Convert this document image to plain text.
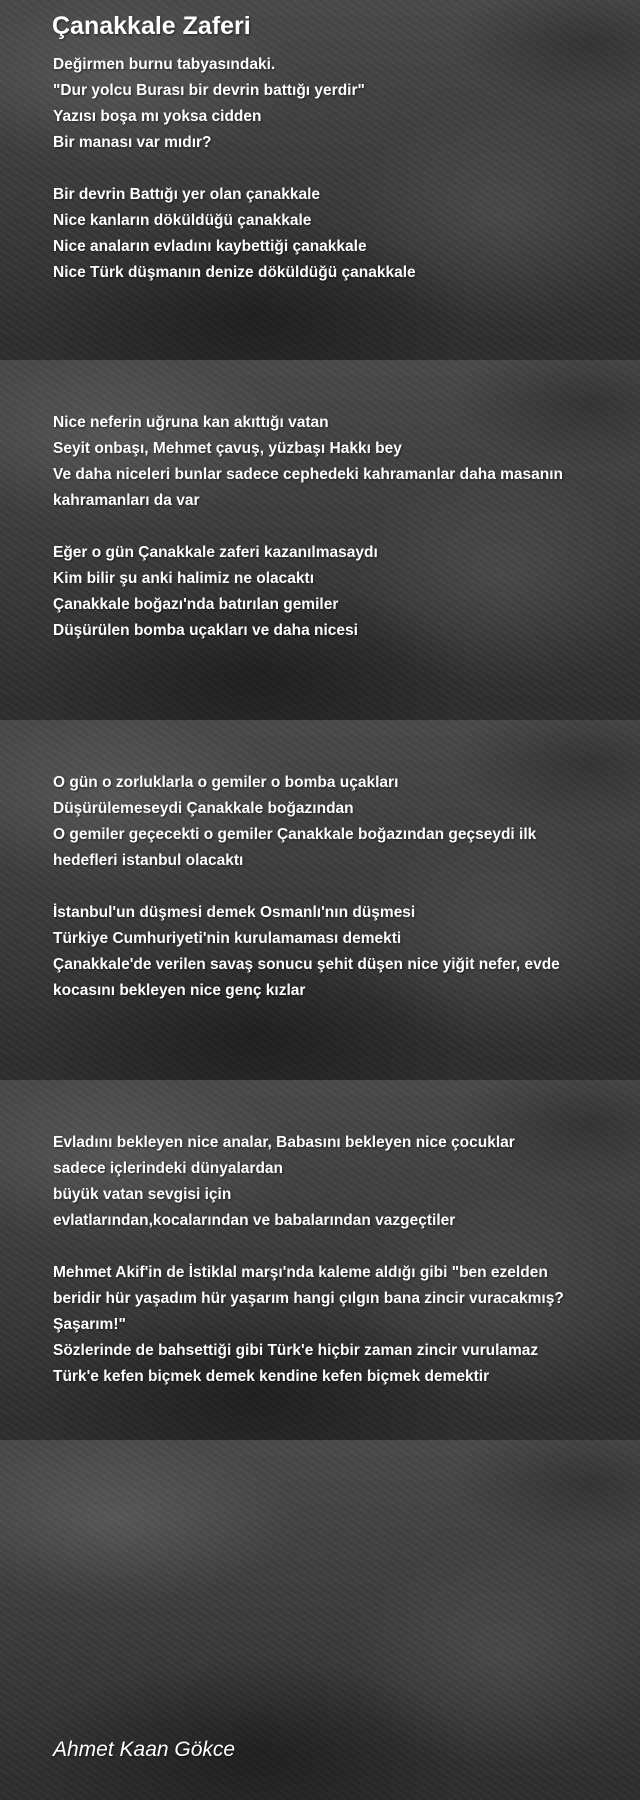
Çanakkale Zaferi
Değirmen burnu tabyasındaki.
"Dur yolcu Burası bir devrin battığı yerdir"
Yazısı boşa mı yoksa cidden
Bir manası var mıdır?
Bir devrin Battığı yer olan çanakkale
Nice kanların döküldüğü çanakkale
Nice anaların evladını kaybettiği çanakkale
Nice Türk düşmanın denize döküldüğü çanakkale
Nice neferin uğruna kan akıttığı vatan
Seyit onbaşı, Mehmet çavuş, yüzbaşı Hakkı bey
Ve daha niceleri bunlar sadece cephedeki kahramanlar daha masanın kahramanları da var
Eğer o gün Çanakkale zaferi kazanılmasaydı
Kim bilir şu anki halimiz ne olacaktı
Çanakkale boğazı'nda batırılan gemiler
Düşürülen bomba uçakları ve daha nicesi
O gün o zorluklarla o gemiler o bomba uçakları
Düşürülemeseydi Çanakkale boğazından
O gemiler geçecekti o gemiler Çanakkale boğazından geçseydi ilk hedefleri istanbul olacaktı
İstanbul'un düşmesi demek Osmanlı'nın düşmesi
Türkiye Cumhuriyeti'nin kurulamaması demekti
Çanakkale'de verilen savaş sonucu şehit düşen nice yiğit nefer, evde kocasını bekleyen nice genç kızlar
Evladını bekleyen nice analar, Babasını bekleyen nice çocuklar
sadece içlerindeki dünyalardan
büyük vatan sevgisi için
evlatlarından,kocalarından ve babalarından vazgeçtiler
Mehmet Akif'in de İstiklal marşı'nda kaleme aldığı gibi "ben ezelden beridir hür yaşadım hür yaşarım hangi çılgın bana zincir vuracakmış? Şaşarım!"
Sözlerinde de bahsettiği gibi Türk'e hiçbir zaman zincir vurulamaz
Türk'e kefen biçmek demek kendine kefen biçmek demektir
Ahmet Kaan Gökce
